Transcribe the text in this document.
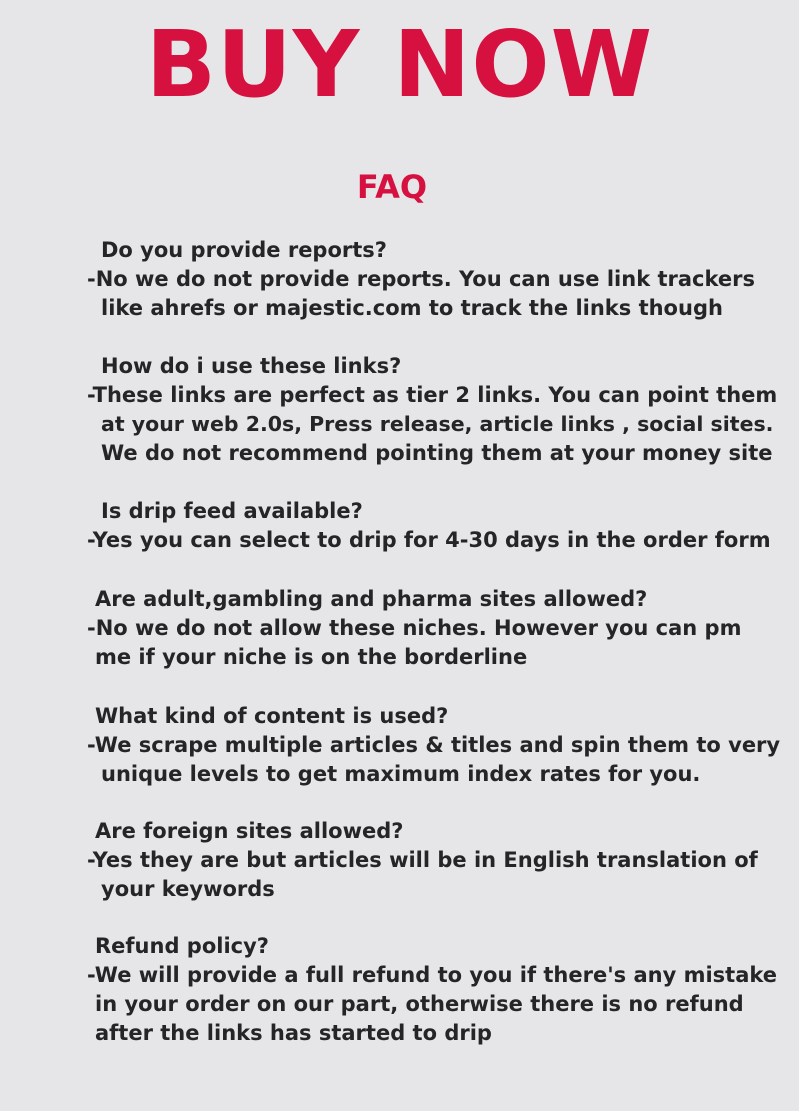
BUY NOW
FAQ
Do you provide reports?
-No we do not provide reports. You can use link trackers
like ahrefs or majestic.com to track the links though
How do i use these links?
-These links are perfect as tier 2 links. You can point them
at your web 2.0s, Press release, article links , social sites.
We do not recommend pointing them at your money site
Is drip feed available?
-Yes you can select to drip for 4-30 days in the order form
Are adult,gambling and pharma sites allowed?
-No we do not allow these niches. However you can pm
me if your niche is on the borderline
What kind of content is used?
-We scrape multiple articles & titles and spin them to very
unique levels to get maximum index rates for you.
Are foreign sites allowed?
-Yes they are but articles will be in English translation of
your keywords
Refund policy?
-We will provide a full refund to you if there's any mistake
in your order on our part, otherwise there is no refund
after the links has started to drip
